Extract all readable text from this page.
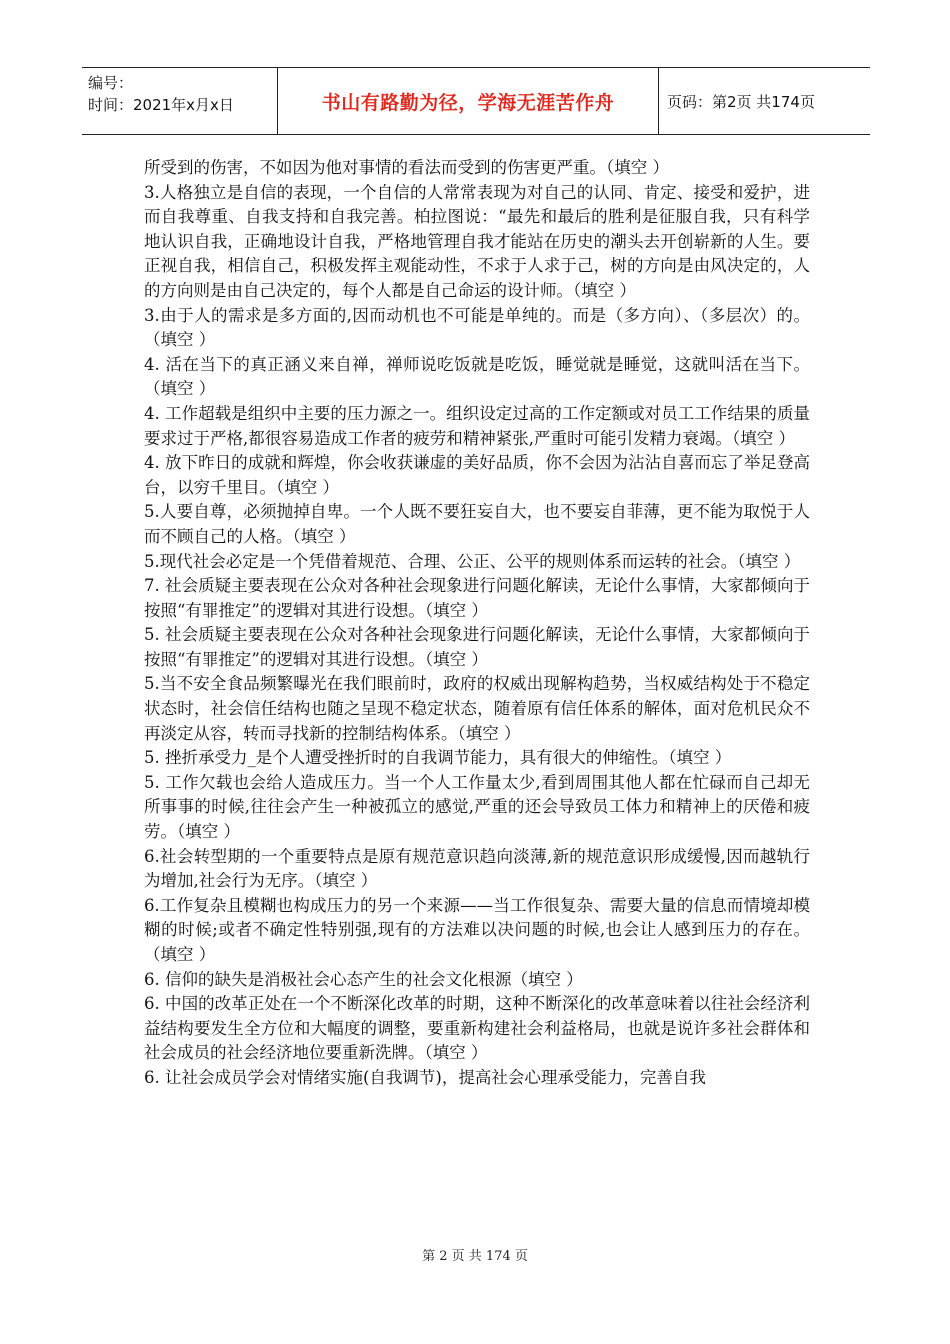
编号：
时间：2021年x月x日	书山有路勤为径，学海无涯苦作舟	页码：第2页 共174页

所受到的伤害，不如因为他对事情的看法而受到的伤害更严重。（填空 ）

3.人格独立是自信的表现，一个自信的人常常表现为对自己的认同、肯定、接受和爱护，进而自我尊重、自我支持和自我完善。柏拉图说：“最先和最后的胜利是征服自我，只有科学地认识自我，正确地设计自我，严格地管理自我才能站在历史的潮头去开创崭新的人生。要正视自我，相信自己，积极发挥主观能动性，不求于人求于己，树的方向是由风决定的，人的方向则是由自己决定的，每个人都是自己命运的设计师。（填空 ）

3.由于人的需求是多方面的,因而动机也不可能是单纯的。而是（多方向）、（多层次）的。（填空 ）

4. 活在当下的真正涵义来自禅，禅师说吃饭就是吃饭，睡觉就是睡觉，这就叫活在当下。（填空 ）

4. 工作超载是组织中主要的压力源之一。组织设定过高的工作定额或对员工工作结果的质量要求过于严格,都很容易造成工作者的疲劳和精神紧张,严重时可能引发精力衰竭。（填空 ）

4. 放下昨日的成就和辉煌，你会收获谦虚的美好品质，你不会因为沾沾自喜而忘了举足登高台，以穷千里目。（填空 ）

5.人要自尊，必须抛掉自卑。一个人既不要狂妄自大，也不要妄自菲薄，更不能为取悦于人而不顾自己的人格。（填空 ）

5.现代社会必定是一个凭借着规范、合理、公正、公平的规则体系而运转的社会。（填空 ）

7. 社会质疑主要表现在公众对各种社会现象进行问题化解读，无论什么事情，大家都倾向于按照“有罪推定”的逻辑对其进行设想。（填空 ）

5. 社会质疑主要表现在公众对各种社会现象进行问题化解读，无论什么事情，大家都倾向于按照“有罪推定”的逻辑对其进行设想。（填空 ）

5.当不安全食品频繁曝光在我们眼前时，政府的权威出现解构趋势，当权威结构处于不稳定状态时，社会信任结构也随之呈现不稳定状态，随着原有信任体系的解体，面对危机民众不再淡定从容，转而寻找新的控制结构体系。（填空 ）

5. 挫折承受力_是个人遭受挫折时的自我调节能力，具有很大的伸缩性。（填空 ）

5. 工作欠载也会给人造成压力。当一个人工作量太少,看到周围其他人都在忙碌而自己却无所事事的时候,往往会产生一种被孤立的感觉,严重的还会导致员工体力和精神上的厌倦和疲劳。（填空 ）

6.社会转型期的一个重要特点是原有规范意识趋向淡薄,新的规范意识形成缓慢,因而越轨行为增加,社会行为无序。（填空 ）

6.工作复杂且模糊也构成压力的另一个来源——当工作很复杂、需要大量的信息而情境却模糊的时候;或者不确定性特别强,现有的方法难以决问题的时候,也会让人感到压力的存在。（填空 ）

6. 信仰的缺失是消极社会心态产生的社会文化根源（填空 ）

6. 中国的改革正处在一个不断深化改革的时期，这种不断深化的改革意味着以往社会经济利益结构要发生全方位和大幅度的调整，要重新构建社会利益格局，也就是说许多社会群体和社会成员的社会经济地位要重新洗牌。（填空 ）

6. 让社会成员学会对情绪实施(自我调节)，提高社会心理承受能力，完善自我

第 2 页 共 174 页
